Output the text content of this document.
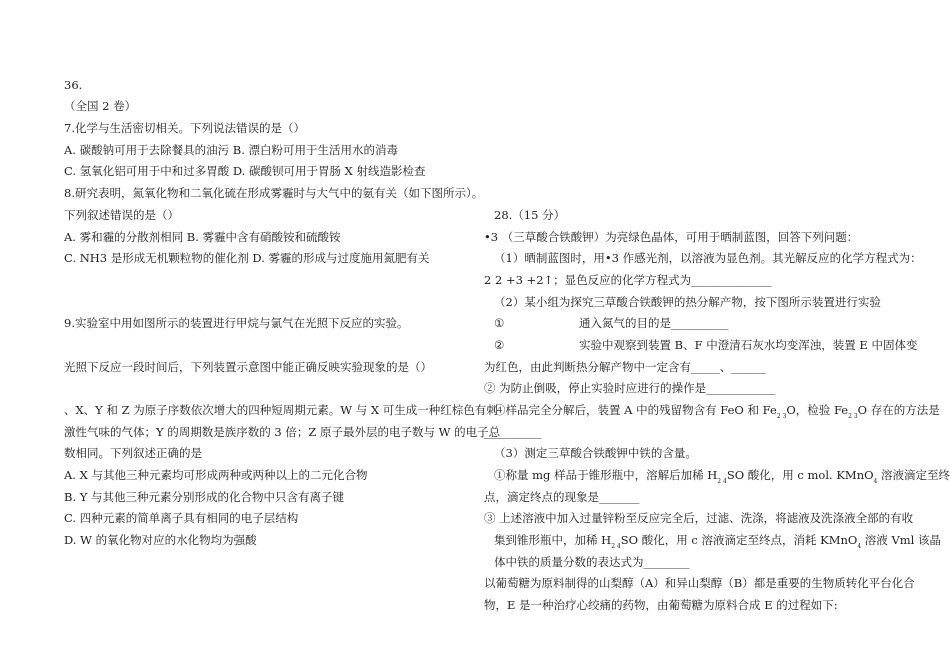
36.
（全国 2 卷）
7.化学与生活密切相关。下列说法错误的是（）
A. 碳酸钠可用于去除餐具的油污 B. 漂白粉可用于生活用水的消毒
C. 氢氧化铝可用于中和过多胃酸 D. 碳酸钡可用于胃肠 X 射线造影检查
8.研究表明，氮氧化物和二氧化硫在形成雾霾时与大气中的氨有关（如下图所示）。
下列叙述错误的是（）
A. 雾和霾的分散剂相同 B. 雾霾中含有硝酸铵和硫酸铵
C. NH3 是形成无机颗粒物的催化剂 D. 雾霾的形成与过度施用氮肥有关
9.实验室中用如图所示的装置进行甲烷与氯气在光照下反应的实验。
光照下反应一段时间后，下列装置示意图中能正确反映实验现象的是（）
、X、Y 和 Z 为原子序数依次增大的四种短周期元素。W 与 X 可生成一种红棕色有刺
激性气味的气体；Y 的周期数是族序数的 3 倍；Z 原子最外层的电子数与 W 的电子总
数相同。下列叙述正确的是
A. X 与其他三种元素均可形成两种或两种以上的二元化合物
B. Y 与其他三种元素分别形成的化合物中只含有离子键
C. 四种元素的简单离子具有相同的电子层结构
D. W 的氧化物对应的水化物均为强酸
28.（15 分）
•3 （三草酸合铁酸钾）为亮绿色晶体，可用于晒制蓝图，回答下列问题：
（1）晒制蓝图时，用•3 作感光剂，以溶液为显色剂。其光解反应的化学方程式为：
2 2 +3 +2↑；显色反应的化学方程式为______________
（2）某小组为探究三草酸合铁酸钾的热分解产物，按下图所示装置进行实验
①	通入氮气的目的是__________
②	实验中观察到装置 B、F 中澄清石灰水均变浑浊，装置 E 中固体变
为红色，由此判断热分解产物中一定含有_____、______
② 为防止倒吸，停止实验时应进行的操作是____________
④样品完全分解后，装置 A 中的残留物含有 FeO 和 $Fe_{2 3}O$，检验 $Fe_{2 3}O$ 存在的方法是
__________
（3）测定三草酸合铁酸钾中铁的含量。
①称量 mg 样品于锥形瓶中，溶解后加稀 $H_{2 4}SO$ 酸化，用 c mol. KMnO$_4$ 溶液滴定至终
点，滴定终点的现象是_______
③ 上述溶液中加入过量锌粉至反应完全后，过滤、洗涤，将滤液及洗涤液全部的有收
集到锥形瓶中，加稀 $H_{2 4}SO$ 酸化，用 c 溶液滴定至终点，消耗 KMnO$_4$ 溶液 Vml 该晶
体中铁的质量分数的表达式为________
以葡萄糖为原料制得的山梨醇（A）和异山梨醇（B）都是重要的生物质转化平台化合
物，E 是一种治疗心绞痛的药物，由葡萄糖为原料合成 E 的过程如下:
